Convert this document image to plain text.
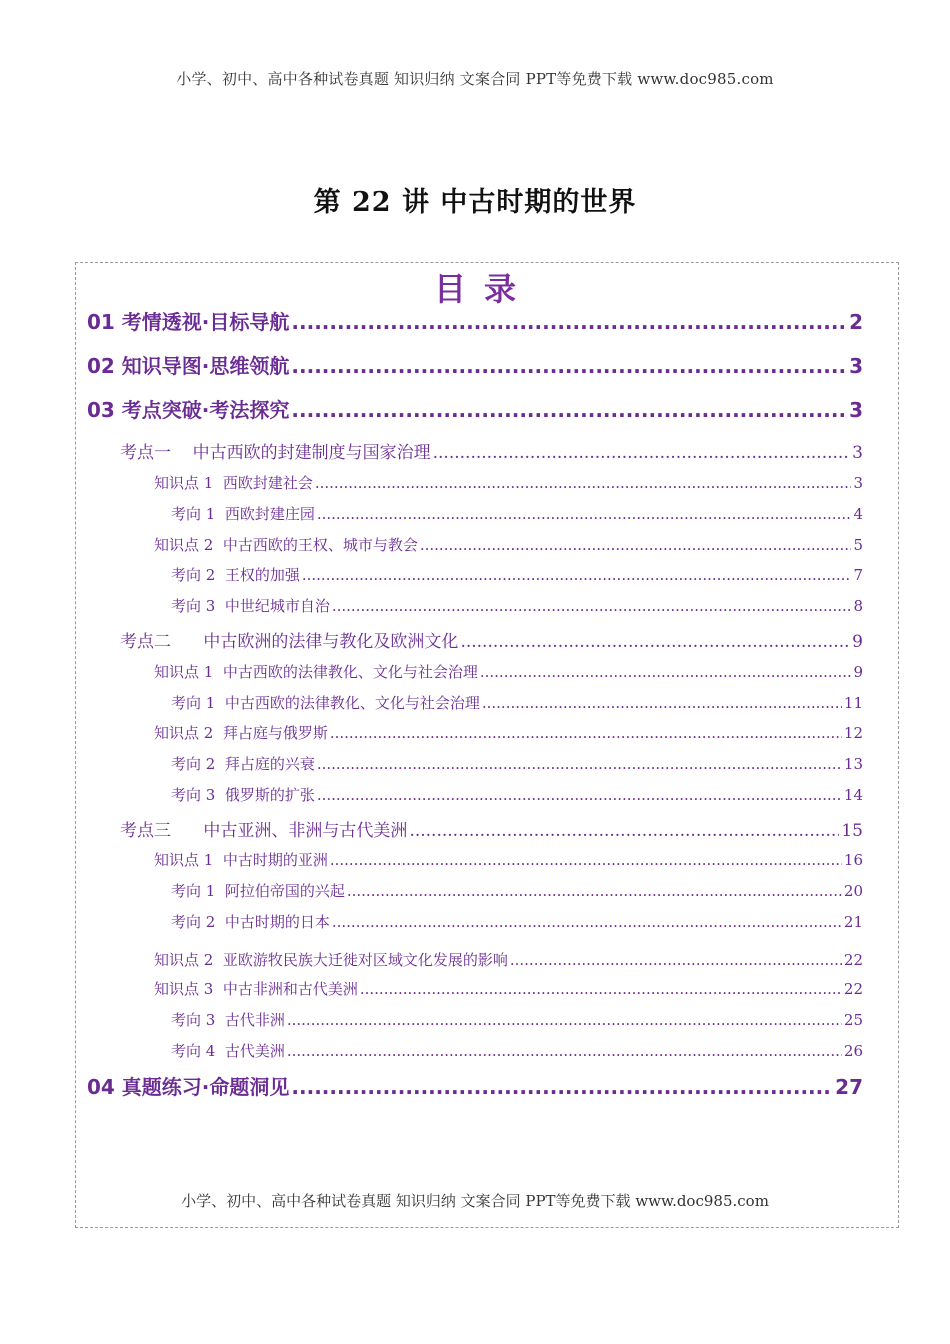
小学、初中、高中各种试卷真题 知识归纳 文案合同 PPT等免费下载 www.doc985.com
第 22 讲 中古时期的世界
目录
01 考情透视·目标导航 .....	2
02 知识导图·思维领航 .....	3
03 考点突破·考法探究 .....	3
考点一    中古西欧的封建制度与国家治理 .....	3
知识点 1  西欧封建社会 .....	3
考向 1  西欧封建庄园 .....	4
知识点 2  中古西欧的王权、城市与教会 .....	5
考向 2  王权的加强 .....	7
考向 3  中世纪城市自治 .....	8
考点二      中古欧洲的法律与教化及欧洲文化 .....	9
知识点 1  中古西欧的法律教化、文化与社会治理 .....	9
考向 1  中古西欧的法律教化、文化与社会治理 .....	11
知识点 2  拜占庭与俄罗斯 .....	12
考向 2  拜占庭的兴衰 .....	13
考向 3  俄罗斯的扩张 .....	14
考点三      中古亚洲、非洲与古代美洲 .....	15
知识点 1  中古时期的亚洲 .....	16
考向 1  阿拉伯帝国的兴起 .....	20
考向 2  中古时期的日本 .....	21
知识点 2  亚欧游牧民族大迁徙对区域文化发展的影响 .....	22
知识点 3  中古非洲和古代美洲 .....	22
考向 3  古代非洲 .....	25
考向 4  古代美洲 .....	26
04 真题练习·命题洞见 .....	27
小学、初中、高中各种试卷真题 知识归纳 文案合同 PPT等免费下载 www.doc985.com
